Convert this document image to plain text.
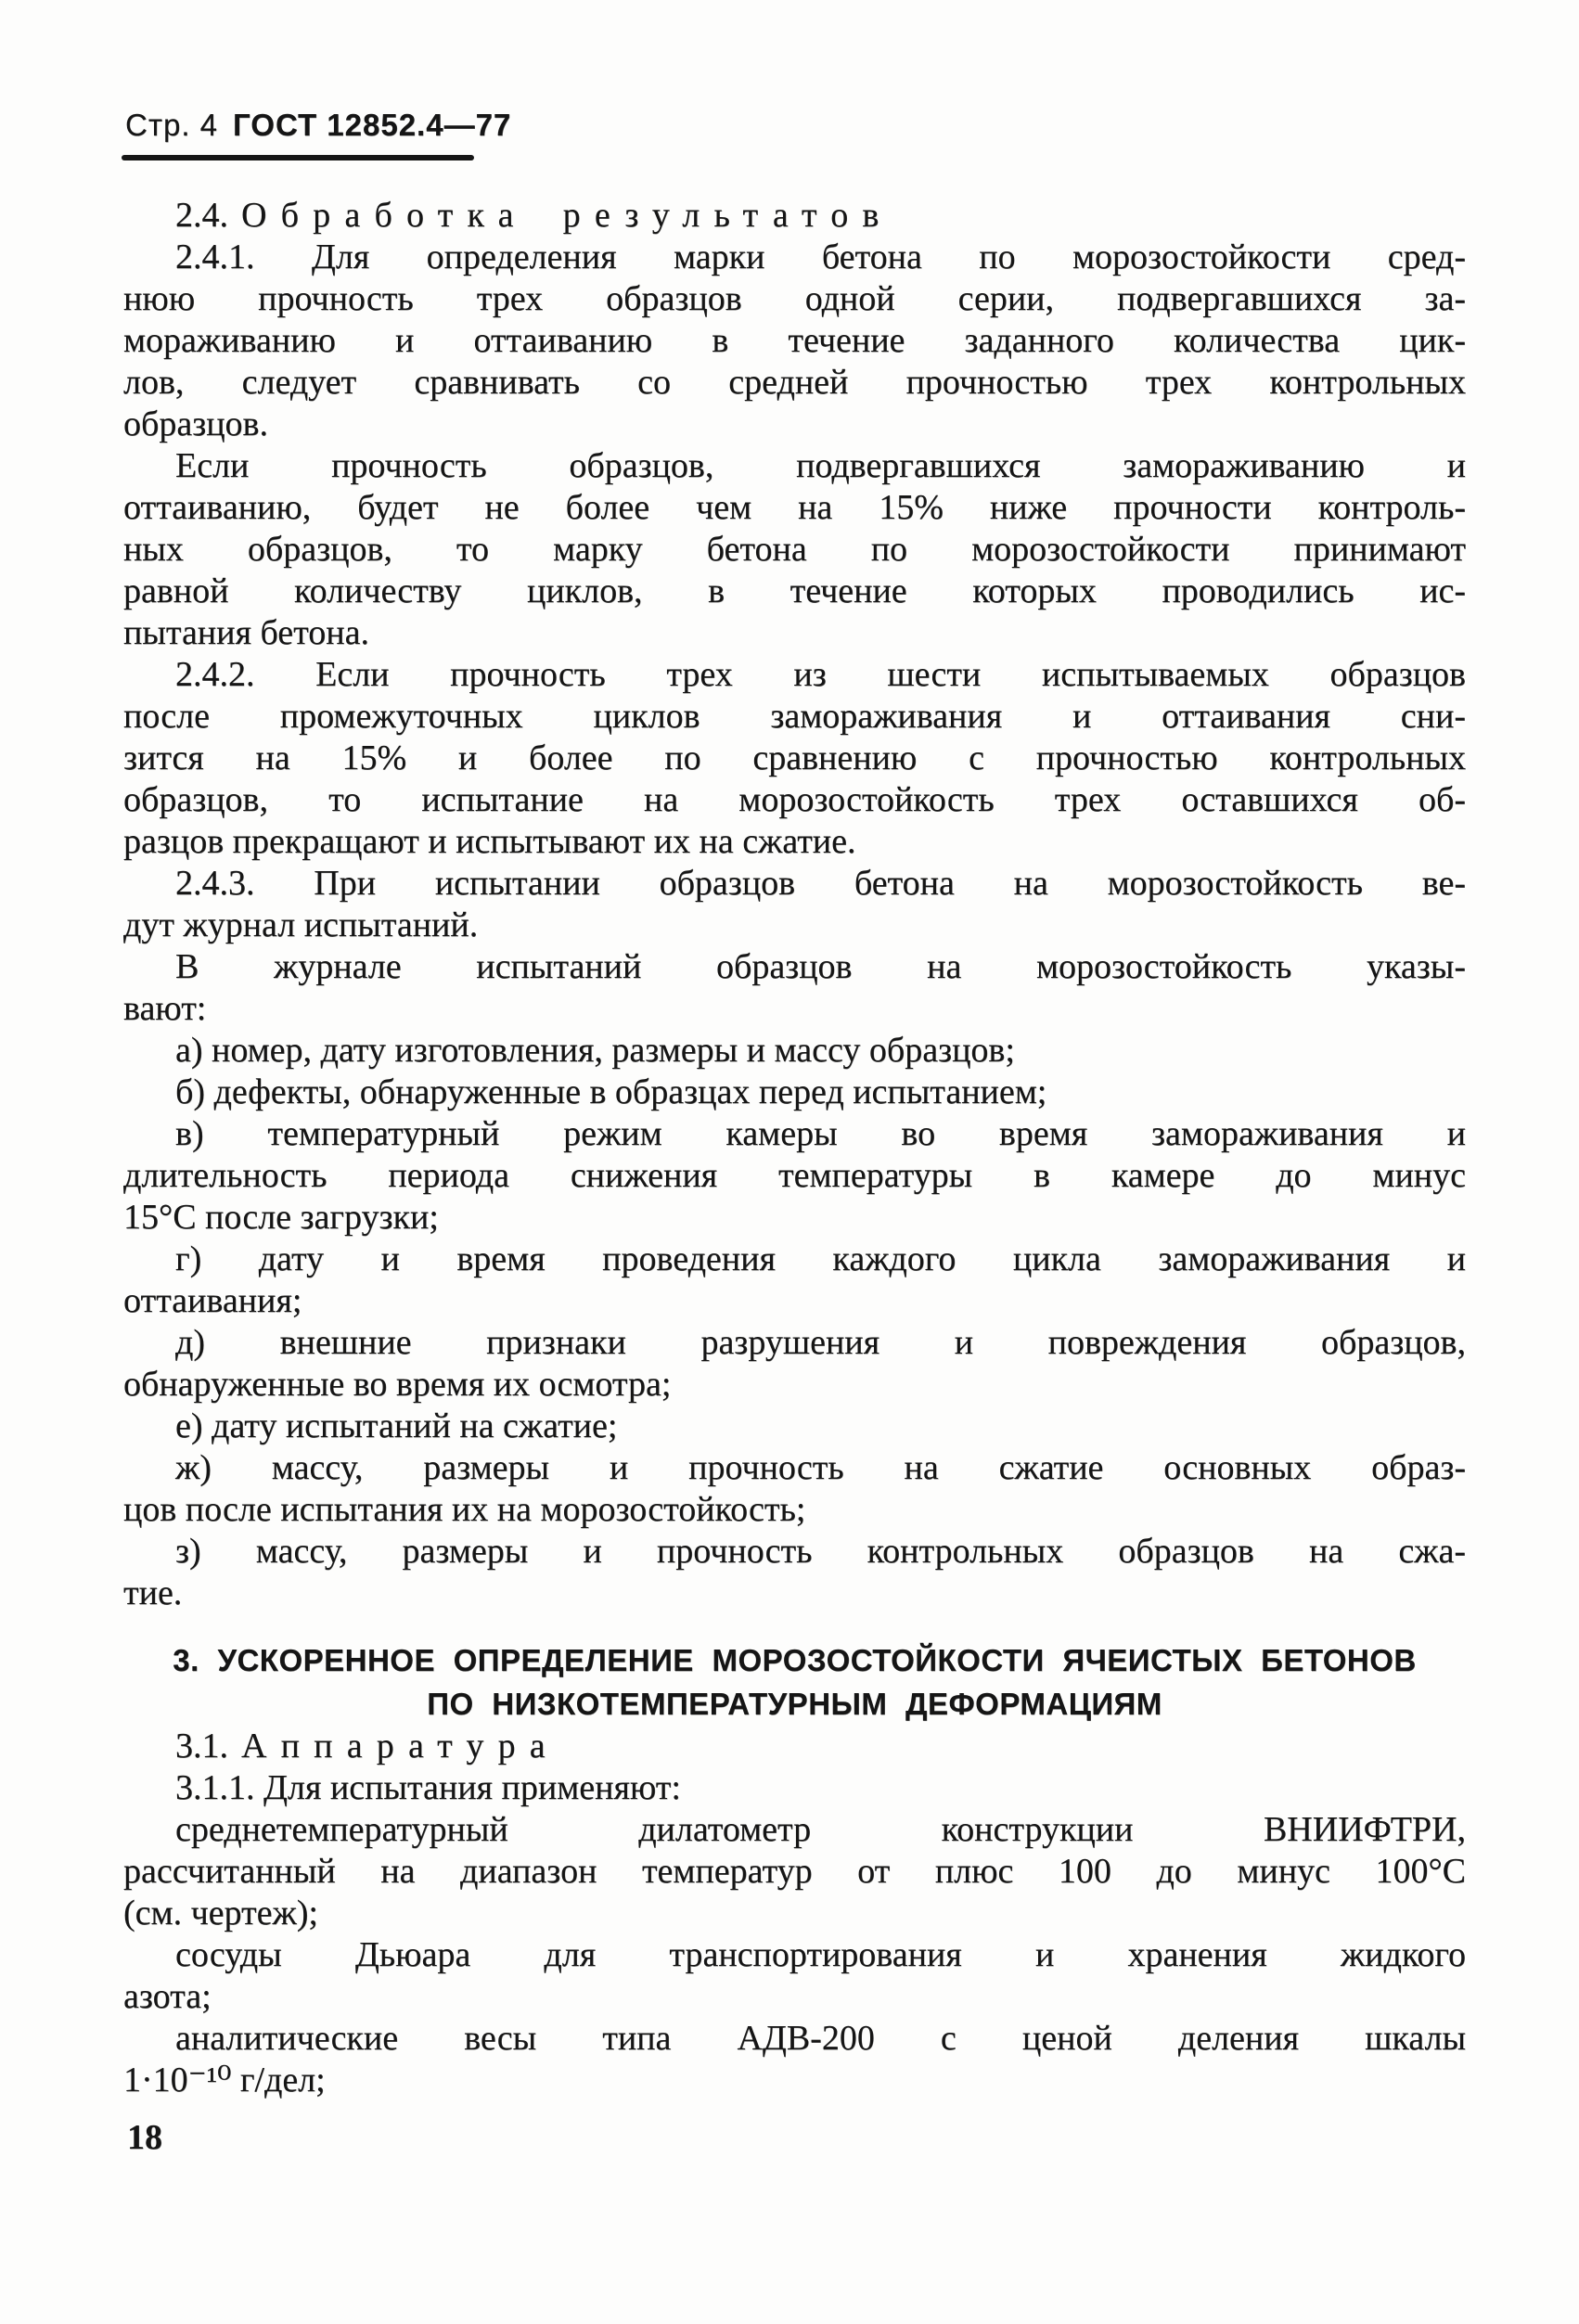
Стр. 4 ГОСТ 12852.4—77
2.4. Обработка результатов
2.4.1. Для определения марки бетона по морозостойкости сред-
нюю прочность трех образцов одной серии, подвергавшихся за-
мораживанию и оттаиванию в течение заданного количества цик-
лов, следует сравнивать со средней прочностью трех контрольных
образцов.
Если прочность образцов, подвергавшихся замораживанию и
оттаиванию, будет не более чем на 15% ниже прочности контроль-
ных образцов, то марку бетона по морозостойкости принимают
равной количеству циклов, в течение которых проводились ис-
пытания бетона.
2.4.2. Если прочность трех из шести испытываемых образцов
после промежуточных циклов замораживания и оттаивания сни-
зится на 15% и более по сравнению с прочностью контрольных
образцов, то испытание на морозостойкость трех оставшихся об-
разцов прекращают и испытывают их на сжатие.
2.4.3. При испытании образцов бетона на морозостойкость ве-
дут журнал испытаний.
В журнале испытаний образцов на морозостойкость указы-
вают:
а) номер, дату изготовления, размеры и массу образцов;
б) дефекты, обнаруженные в образцах перед испытанием;
в) температурный режим камеры во время замораживания и
длительность периода снижения температуры в камере до минус
15°С после загрузки;
г) дату и время проведения каждого цикла замораживания и
оттаивания;
д) внешние признаки разрушения и повреждения образцов,
обнаруженные во время их осмотра;
е) дату испытаний на сжатие;
ж) массу, размеры и прочность на сжатие основных образ-
цов после испытания их на морозостойкость;
з) массу, размеры и прочность контрольных образцов на сжа-
тие.
3. УСКОРЕННОЕ ОПРЕДЕЛЕНИЕ МОРОЗОСТОЙКОСТИ ЯЧЕИСТЫХ БЕТОНОВ
ПО НИЗКОТЕМПЕРАТУРНЫМ ДЕФОРМАЦИЯМ
3.1. Аппаратура
3.1.1. Для испытания применяют:
среднетемпературный дилатометр конструкции ВНИИФТРИ,
рассчитанный на диапазон температур от плюс 100 до минус 100°С
(см. чертеж);
сосуды Дьюара для транспортирования и хранения жидкого
азота;
аналитические весы типа АДВ-200 с ценой деления шкалы
1·10⁻¹⁰ г/дел;
18
